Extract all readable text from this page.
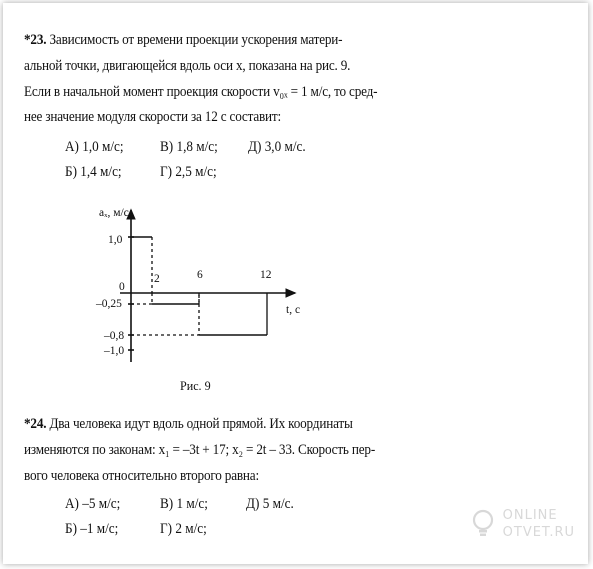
*23. Зависимость от времени проекции ускорения матери-
альной точки, двигающейся вдоль оси x, показана на рис. 9.
Если в начальной момент проекция скорости v₀ₓ = 1 м/с, то сред-
нее значение модуля скорости за 12 с составит:
А) 1,0 м/с;	В) 1,8 м/с; Д) 3,0 м/с.
Б) 1,4 м/с;	Г) 2,5 м/с;
aₓ, м/с
t, с
0
1,0
–0,25
–0,8
–1,0
2	6	12
Рис. 9
*24. Два человека идут вдоль одной прямой. Их координаты
изменяются по законам: x₁ = –3t + 17; x₂ = 2t – 33. Скорость пер-
вого человека относительно второго равна:
А) –5 м/с;	В) 1 м/с;	Д) 5 м/с.
Б) –1 м/с;	Г) 2 м/с;
ONLINE
OTVET.RU
